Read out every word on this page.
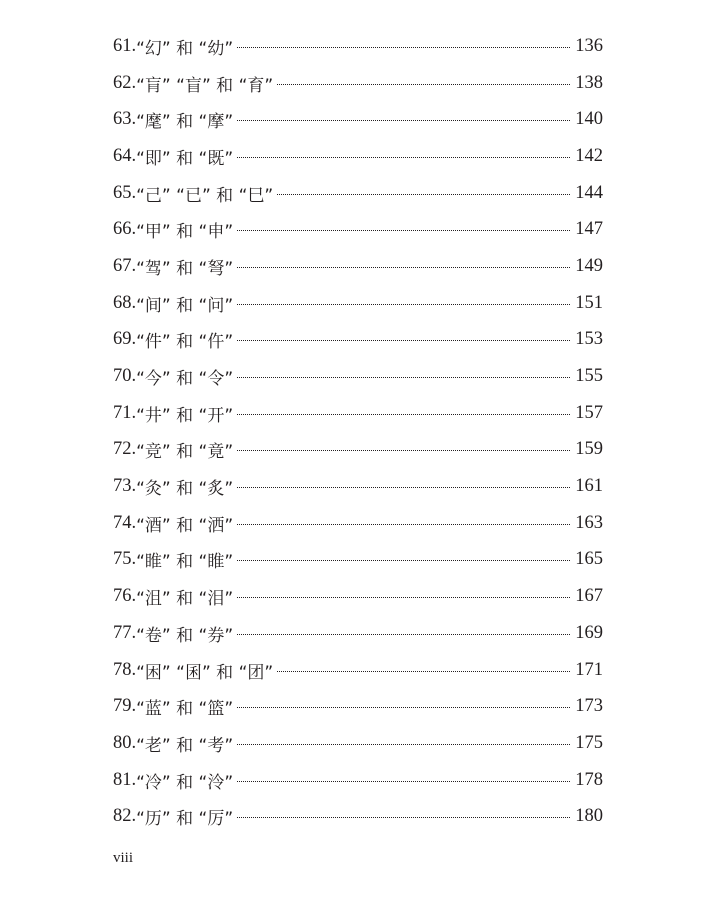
61. “幻” 和 “幼”	136
62. “肓” “盲” 和 “育”	138
63. “麾” 和 “摩”	140
64. “即” 和 “既”	142
65. “己” “已” 和 “巳”	144
66. “甲” 和 “申”	147
67. “驾” 和 “弩”	149
68. “间” 和 “问”	151
69. “件” 和 “仵”	153
70. “今” 和 “令”	155
71. “井” 和 “开”	157
72. “竞” 和 “竟”	159
73. “灸” 和 “炙”	161
74. “酒” 和 “洒”	163
75. “睢” 和 “睢”	165
76. “沮” 和 “泪”	167
77. “卷” 和 “券”	169
78. “困” “囷” 和 “团”	171
79. “蓝” 和 “篮”	173
80. “老” 和 “考”	175
81. “冷” 和 “泠”	178
82. “历” 和 “厉”	180
viii
